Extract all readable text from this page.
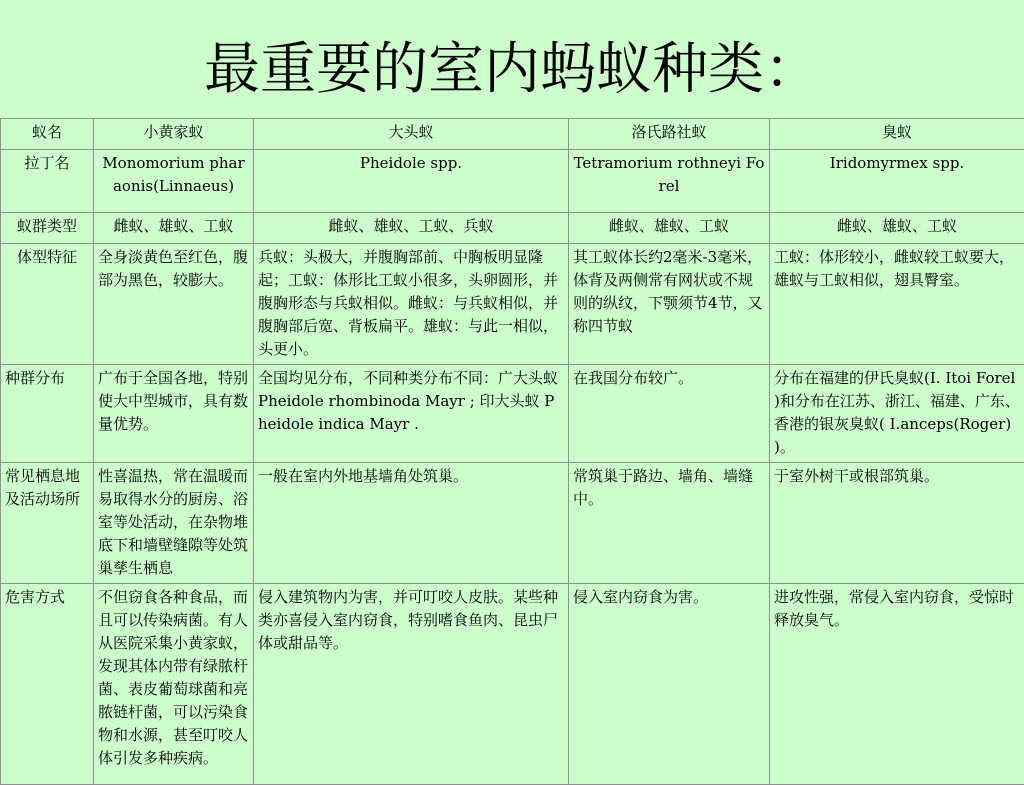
最重要的室内蚂蚁种类：
蚁名	小黄家蚁	大头蚁	洛氏路社蚁	臭蚁
拉丁名	Monomorium pharaonis(Linnaeus)	Pheidole spp.	Tetramorium rothneyi Forel	Iridomyrmex spp.
蚁群类型	雌蚁、雄蚁、工蚁	雌蚁、雄蚁、工蚁、兵蚁	雌蚁、雄蚁、工蚁	雌蚁、雄蚁、工蚁
体型特征	全身淡黄色至红色，腹部为黑色，较膨大。	兵蚁：头极大，并腹胸部前、中胸板明显隆起；工蚁：体形比工蚁小很多，头卵圆形，并腹胸形态与兵蚁相似。雌蚁：与兵蚁相似，并腹胸部后宽、背板扁平。雄蚁：与此一相似，头更小。	其工蚁体长约2毫米-3毫米，体背及两侧常有网状或不规则的纵纹，下颚须节4节，又称四节蚁	工蚁：体形较小，雌蚁较工蚁要大，雄蚁与工蚁相似，翅具臀室。
种群分布	广布于全国各地，特别使大中型城市，具有数量优势。	全国均见分布，不同种类分布不同：广大头蚁 Pheidole rhombinoda Mayr ; 印大头蚁 Pheidole indica Mayr .	在我国分布较广。	分布在福建的伊氏臭蚁(I. Itoi Forel )和分布在江苏、浙江、福建、广东、香港的银灰臭蚁( I.anceps(Roger) )。
常见栖息地及活动场所	性喜温热，常在温暖而易取得水分的厨房、浴室等处活动，在杂物堆底下和墙壁缝隙等处筑巢孳生栖息	一般在室内外地基墙角处筑巢。	常筑巢于路边、墙角、墙缝中。	于室外树干或根部筑巢。
危害方式	不但窃食各种食品，而且可以传染病菌。有人从医院采集小黄家蚁，发现其体内带有绿脓杆菌、表皮葡萄球菌和亮脓链杆菌，可以污染食物和水源，甚至叮咬人体引发多种疾病。	侵入建筑物内为害，并可叮咬人皮肤。某些种类亦喜侵入室内窃食，特别嗜食鱼肉、昆虫尸体或甜品等。	侵入室内窃食为害。	进攻性强，常侵入室内窃食，受惊时释放臭气。
